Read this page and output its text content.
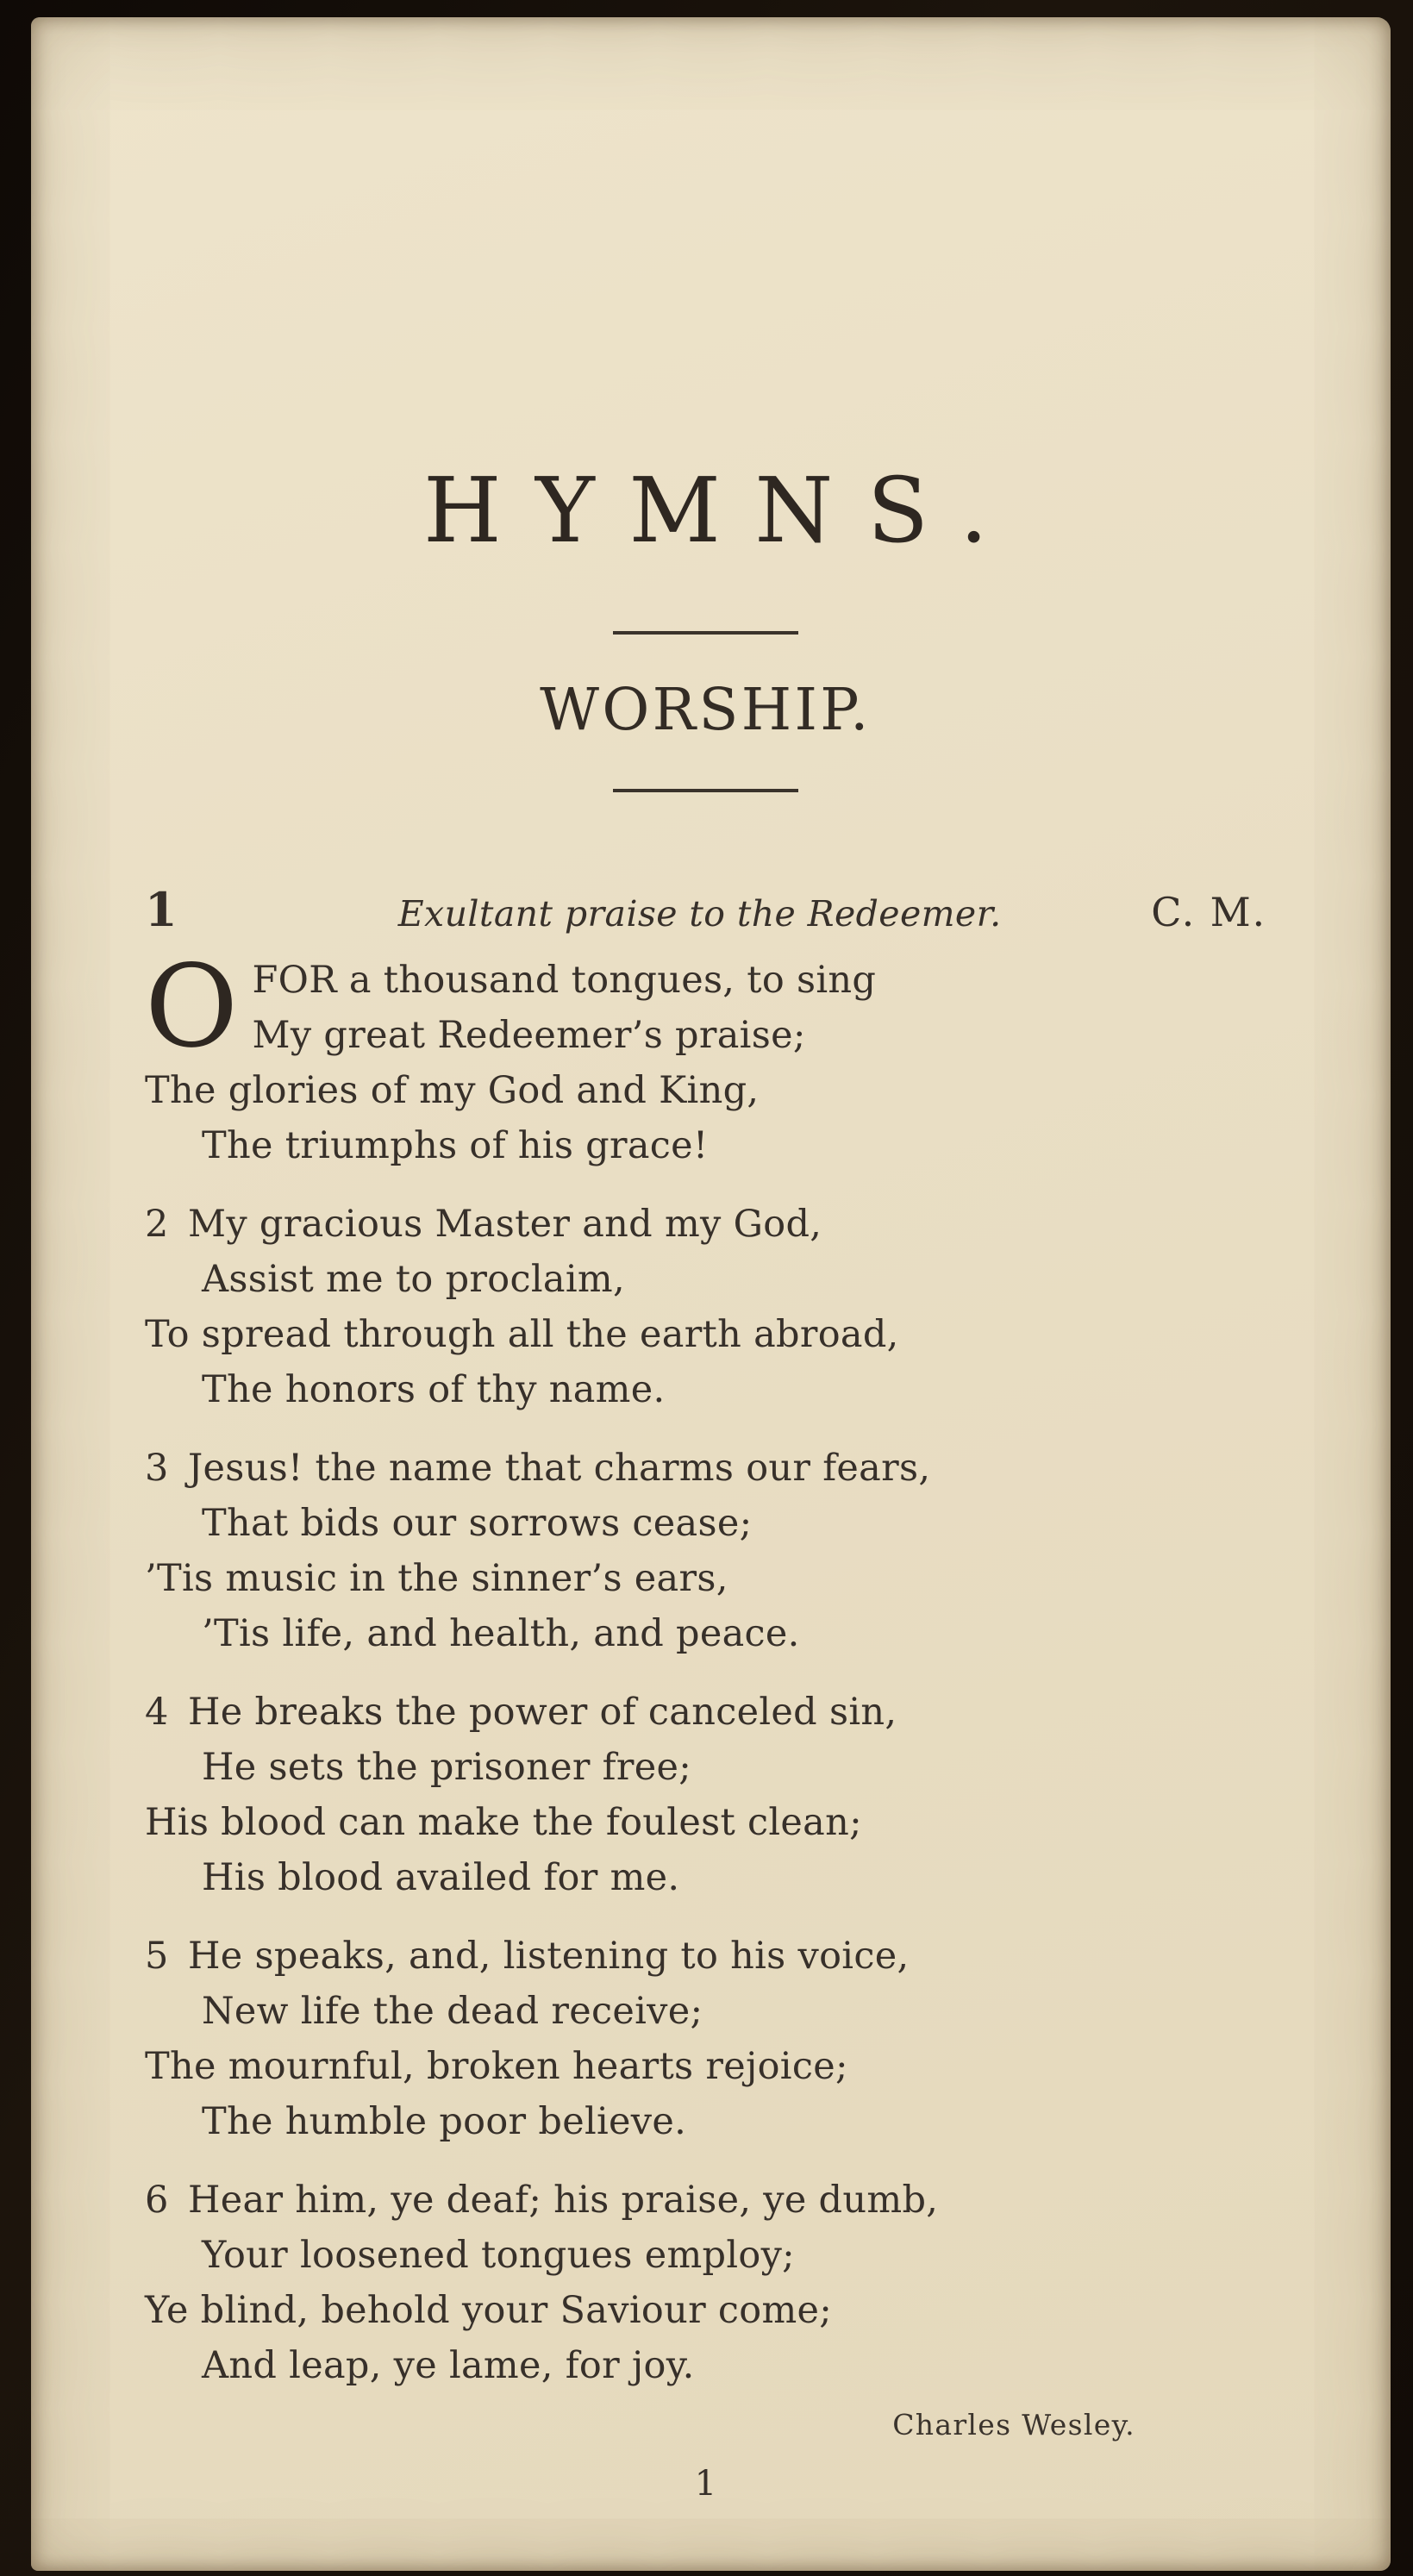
HYMNS.
WORSHIP.
1	Exultant praise to the Redeemer.	C. M.
O FOR a thousand tongues, to sing
My great Redeemer’s praise;
The glories of my God and King,
The triumphs of his grace!
2 My gracious Master and my God,
Assist me to proclaim,
To spread through all the earth abroad,
The honors of thy name.
3 Jesus! the name that charms our fears,
That bids our sorrows cease;
’Tis music in the sinner’s ears,
’Tis life, and health, and peace.
4 He breaks the power of canceled sin,
He sets the prisoner free;
His blood can make the foulest clean;
His blood availed for me.
5 He speaks, and, listening to his voice,
New life the dead receive;
The mournful, broken hearts rejoice;
The humble poor believe.
6 Hear him, ye deaf; his praise, ye dumb,
Your loosened tongues employ;
Ye blind, behold your Saviour come;
And leap, ye lame, for joy.
Charles Wesley.
1
